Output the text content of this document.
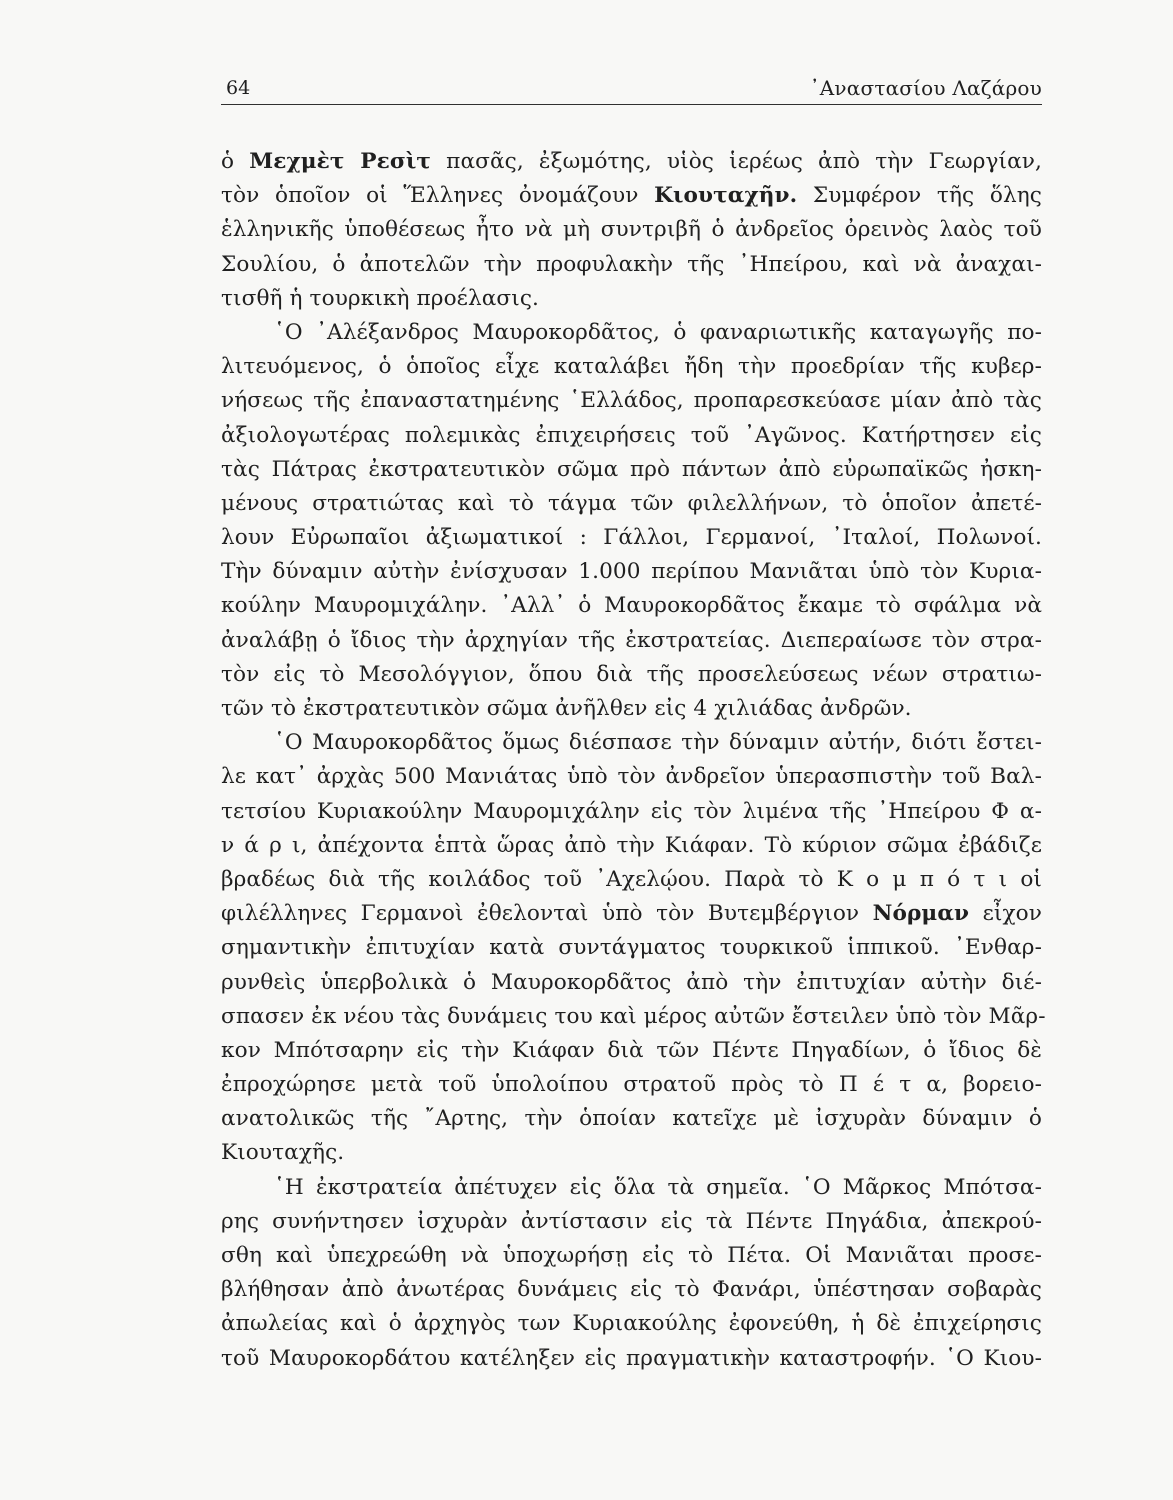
64	᾿Αναστασίου Λαζάρου
ὁ Μεχμὲτ Ρεσὶτ πασᾶς, ἐξωμότης, υἱὸς ἱερέως ἀπὸ τὴν Γεωργίαν,
τὸν ὁποῖον οἱ Ἕλληνες ὀνομάζουν Κιουταχῆν. Συμφέρον τῆς ὅλης
ἑλληνικῆς ὑποθέσεως ἦτο νὰ μὴ συντριβῆ ὁ ἀνδρεῖος ὀρεινὸς λαὸς τοῦ
Σουλίου, ὁ ἀποτελῶν τὴν προφυλακὴν τῆς ᾿Ηπείρου, καὶ νὰ ἀναχαι-
τισθῆ ἡ τουρκικὴ προέλασις.
῾Ο ᾿Αλέξανδρος Μαυροκορδᾶτος, ὁ φαναριωτικῆς καταγωγῆς πο-
λιτευόμενος, ὁ ὁποῖος εἶχε καταλάβει ἤδη τὴν προεδρίαν τῆς κυβερ-
νήσεως τῆς ἐπαναστατημένης ῾Ελλάδος, προπαρεσκεύασε μίαν ἀπὸ τὰς
ἀξιολογωτέρας πολεμικὰς ἐπιχειρήσεις τοῦ ᾿Αγῶνος. Κατήρτησεν εἰς
τὰς Πάτρας ἐκστρατευτικὸν σῶμα πρὸ πάντων ἀπὸ εὐρωπαϊκῶς ἠσκη-
μένους στρατιώτας καὶ τὸ τάγμα τῶν φιλελλήνων, τὸ ὁποῖον ἀπετέ-
λουν Εὐρωπαῖοι ἀξιωματικοί : Γάλλοι, Γερμανοί, ᾿Ιταλοί, Πολωνοί.
Τὴν δύναμιν αὐτὴν ἐνίσχυσαν 1.000 περίπου Μανιᾶται ὑπὸ τὸν Κυρια-
κούλην Μαυρομιχάλην. ᾿Αλλ᾿ ὁ Μαυροκορδᾶτος ἔκαμε τὸ σφάλμα νὰ
ἀναλάβῃ ὁ ἴδιος τὴν ἀρχηγίαν τῆς ἐκστρατείας. Διεπεραίωσε τὸν στρα-
τὸν εἰς τὸ Μεσολόγγιον, ὅπου διὰ τῆς προσελεύσεως νέων στρατιω-
τῶν τὸ ἐκστρατευτικὸν σῶμα ἀνῆλθεν εἰς 4 χιλιάδας ἀνδρῶν.
῾Ο Μαυροκορδᾶτος ὅμως διέσπασε τὴν δύναμιν αὐτήν, διότι ἔστει-
λε κατ᾿ ἀρχὰς 500 Μανιάτας ὑπὸ τὸν ἀνδρεῖον ὑπερασπιστὴν τοῦ Βαλ-
τετσίου Κυριακούλην Μαυρομιχάλην εἰς τὸν λιμένα τῆς ᾿Ηπείρου Φ α-
ν ά ρ ι, ἀπέχοντα ἑπτὰ ὥρας ἀπὸ τὴν Κιάφαν. Τὸ κύριον σῶμα ἐβάδιζε
βραδέως διὰ τῆς κοιλάδος τοῦ ᾿Αχελῴου. Παρὰ τὸ Κ ο μ π ό τ ι οἱ
φιλέλληνες Γερμανοὶ ἐθελονταὶ ὑπὸ τὸν Βυτεμβέργιον Νόρμαν εἶχον
σημαντικὴν ἐπιτυχίαν κατὰ συντάγματος τουρκικοῦ ἱππικοῦ. ᾿Ενθαρ-
ρυνθεὶς ὑπερβολικὰ ὁ Μαυροκορδᾶτος ἀπὸ τὴν ἐπιτυχίαν αὐτὴν διέ-
σπασεν ἐκ νέου τὰς δυνάμεις του καὶ μέρος αὐτῶν ἔστειλεν ὑπὸ τὸν Μᾶρ-
κον Μπότσαρην εἰς τὴν Κιάφαν διὰ τῶν Πέντε Πηγαδίων, ὁ ἴδιος δὲ
ἐπροχώρησε μετὰ τοῦ ὑπολοίπου στρατοῦ πρὸς τὸ Π έ τ α, βορειο-
ανατολικῶς τῆς ῎Αρτης, τὴν ὁποίαν κατεῖχε μὲ ἰσχυρὰν δύναμιν ὁ
Κιουταχῆς.
῾Η ἐκστρατεία ἀπέτυχεν εἰς ὅλα τὰ σημεῖα. ῾Ο Μᾶρκος Μπότσα-
ρης συνήντησεν ἰσχυρὰν ἀντίστασιν εἰς τὰ Πέντε Πηγάδια, ἀπεκρού-
σθη καὶ ὑπεχρεώθη νὰ ὑποχωρήσῃ εἰς τὸ Πέτα. Οἱ Μανιᾶται προσε-
βλήθησαν ἀπὸ ἀνωτέρας δυνάμεις εἰς τὸ Φανάρι, ὑπέστησαν σοβαρὰς
ἀπωλείας καὶ ὁ ἀρχηγὸς των Κυριακούλης ἐφονεύθη, ἡ δὲ ἐπιχείρησις
τοῦ Μαυροκορδάτου κατέληξεν εἰς πραγματικὴν καταστροφήν. ῾Ο Κιου-
